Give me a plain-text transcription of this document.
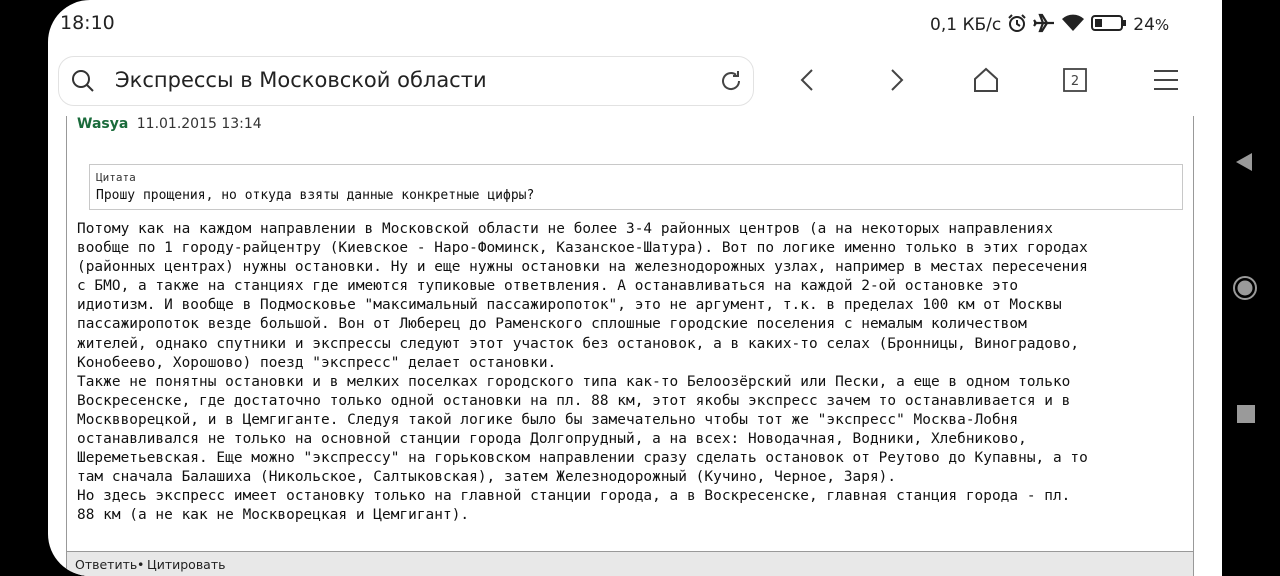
18:10	0,1 КБ/с	24%
Экспрессы в Московской области	2
Wasya 11.01.2015 13:14
Цитата
Прошу прощения, но откуда взяты данные конкретные цифры?
Потому как на каждом направлении в Московской области не более 3-4 районных центров (а на некоторых направлениях
вообще по 1 городу-райцентру (Киевское - Наро-Фоминск, Казанское-Шатура). Вот по логике именно только в этих городах
(районных центрах) нужны остановки. Ну и еще нужны остановки на железнодорожных узлах, например в местах пересечения
с БМО, а также на станциях где имеются тупиковые ответвления. А останавливаться на каждой 2-ой остановке это
идиотизм. И вообще в Подмосковье "максимальный пассажиропоток", это не аргумент, т.к. в пределах 100 км от Москвы
пассажиропоток везде большой. Вон от Люберец до Раменского сплошные городские поселения с немалым количеством
жителей, однако спутники и экспрессы следуют этот участок без остановок, а в каких-то селах (Бронницы, Виноградово,
Конобеево, Хорошово) поезд "экспресс" делает остановки.
Также не понятны остановки и в мелких поселках городского типа как-то Белоозёрский или Пески, а еще в одном только
Воскресенске, где достаточно только одной остановки на пл. 88 км, этот якобы экспресс зачем то останавливается и в
Москвворецкой, и в Цемгиганте. Следуя такой логике было бы замечательно чтобы тот же "экспресс" Москва-Лобня
останавливался не только на основной станции города Долгопрудный, а на всех: Новодачная, Водники, Хлебниково,
Шереметьевская. Еще можно "экспрессу" на горьковском направлении сразу сделать остановок от Реутово до Купавны, а то
там сначала Балашиха (Никольское, Салтыковская), затем Железнодорожный (Кучино, Черное, Заря).
Но здесь экспресс имеет остановку только на главной станции города, а в Воскресенске, главная станция города - пл.
88 км (а не как не Москворецкая и Цемгигант).
Ответить • Цитировать
